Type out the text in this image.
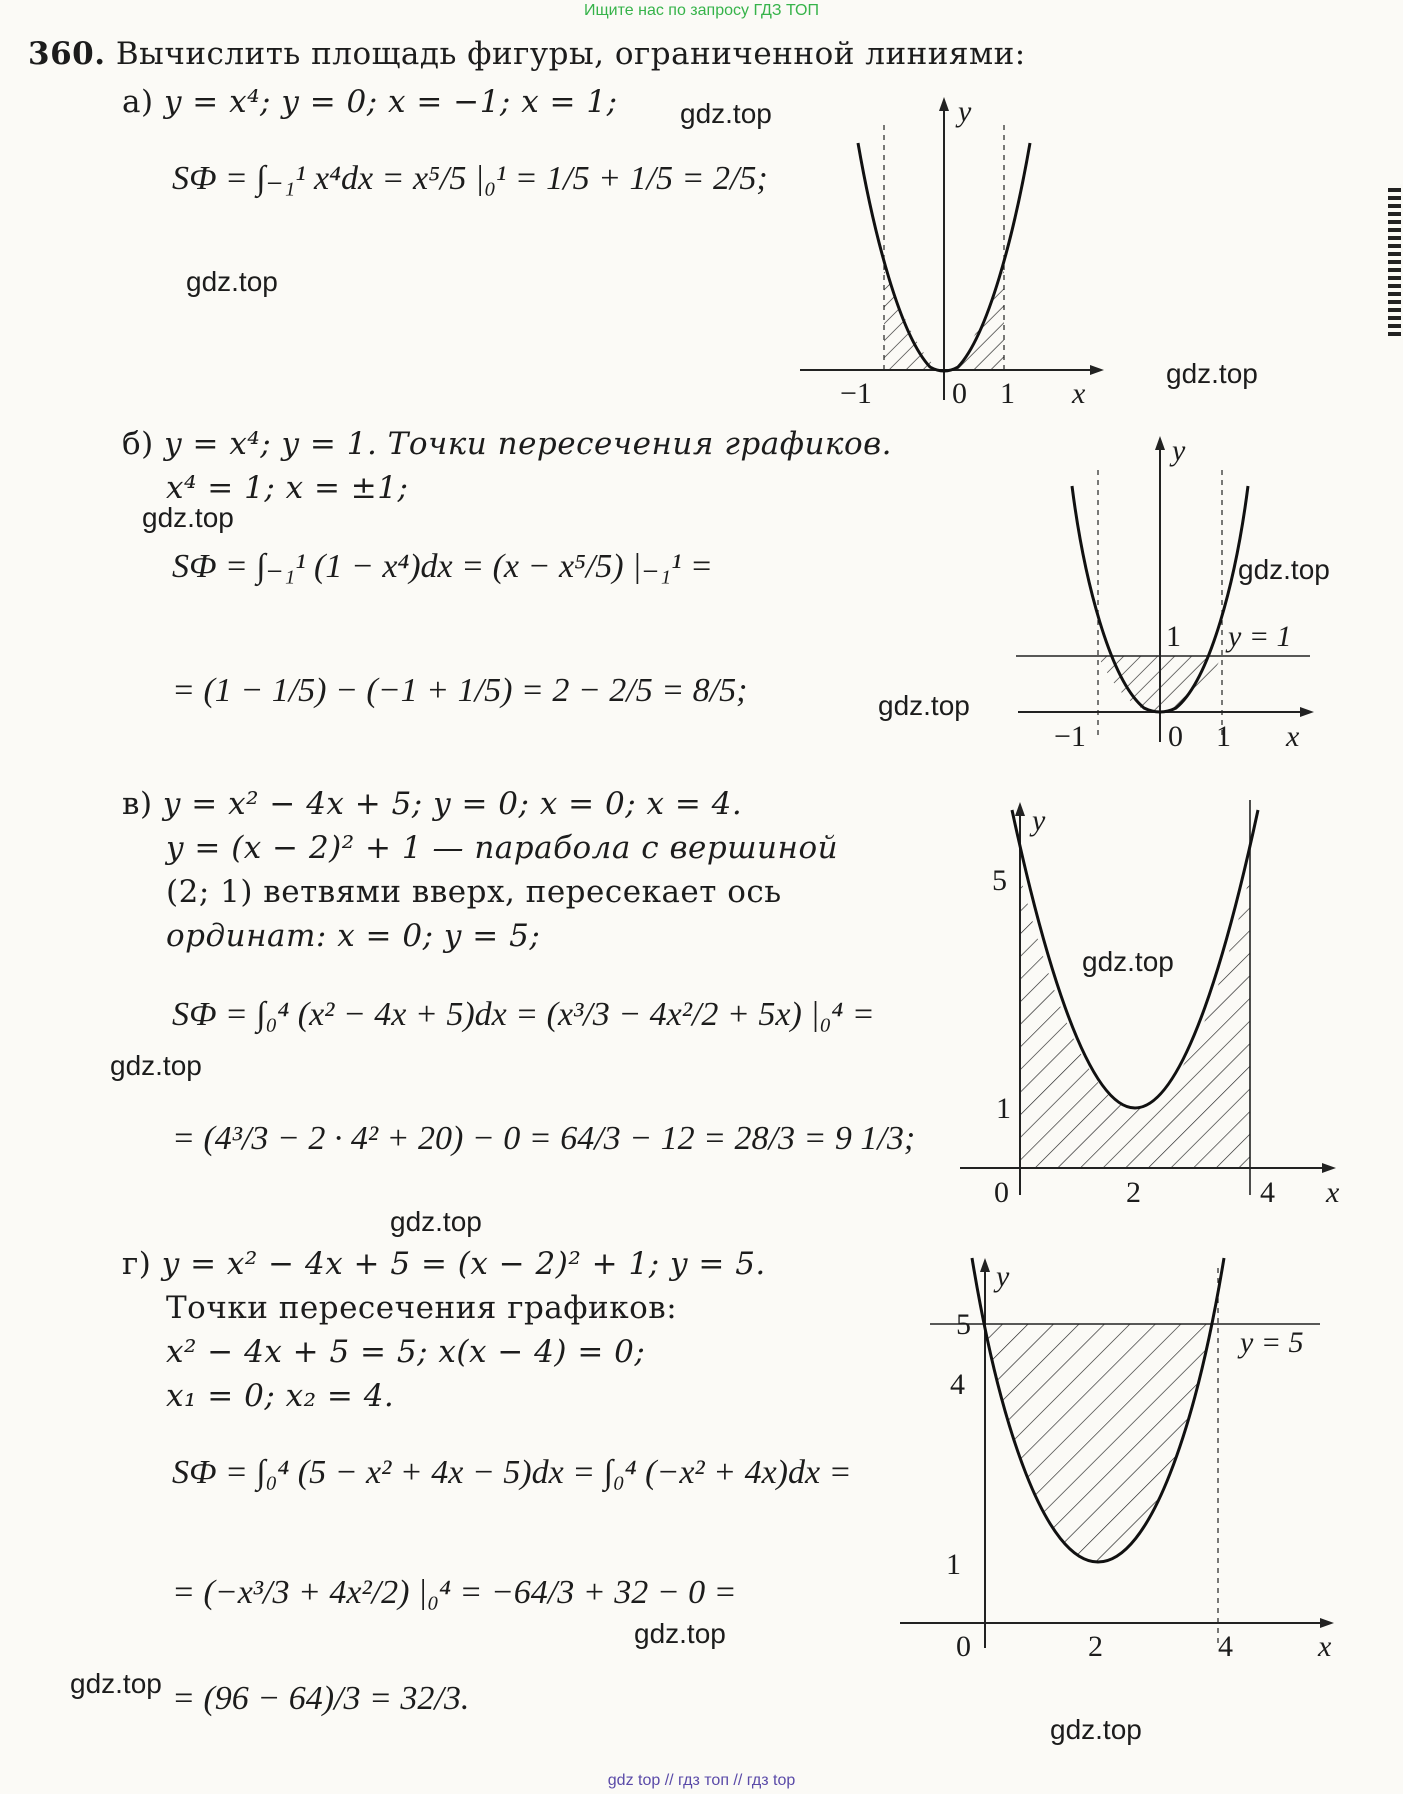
Ищите нас по запросу ГДЗ ТОП
gdz top // гдз топ // гдз top
360. Вычислить площадь фигуры, ограниченной линиями:
а) y = x⁴; y = 0; x = −1; x = 1;
SФ = ∫₋₁¹ x⁴dx = x⁵/5 |₀¹ = 1/5 + 1/5 = 2/5;
y
x
−1	0 1
б) y = x⁴; y = 1. Точки пересечения графиков.
x⁴ = 1; x = ±1;
SФ = ∫₋₁¹ (1 − x⁴)dx = (x − x⁵/5) |₋₁¹ =
= (1 − 1/5) − (−1 + 1/5) = 2 − 2/5 = 8/5;
y
x
−1	0 1
1 y = 1
в) y = x² − 4x + 5; y = 0; x = 0; x = 4.
y = (x − 2)² + 1 — парабола с вершиной
(2; 1) ветвями вверх, пересекает ось
ординат: x = 0; y = 5;
SФ = ∫₀⁴ (x² − 4x + 5)dx = (x³/3 − 4x²/2 + 5x) |₀⁴ =
= (4³/3 − 2 · 4² + 20) − 0 = 64/3 − 12 = 28/3 = 9 1/3;
y
x
5
1
0	2	4
г) y = x² − 4x + 5 = (x − 2)² + 1; y = 5.
Точки пересечения графиков:
x² − 4x + 5 = 5; x(x − 4) = 0;
x₁ = 0; x₂ = 4.
SФ = ∫₀⁴ (5 − x² + 4x − 5)dx = ∫₀⁴ (−x² + 4x)dx =
= (−x³/3 + 4x²/2) |₀⁴ = −64/3 + 32 − 0 =
= (96 − 64)/3 = 32/3.
y
x
5
4
1
0	2	4
y = 5
gdz.top
gdz.top
gdz.top
gdz.top
gdz.top
gdz.top
gdz.top
gdz.top
gdz.top
gdz.top
gdz.top
gdz.top
